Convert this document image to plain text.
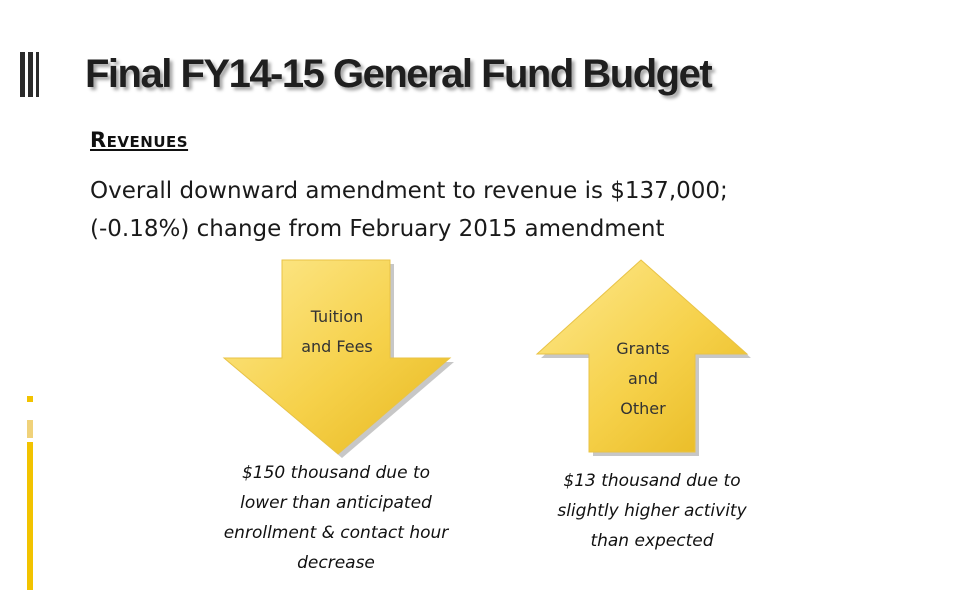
Final FY14-15 General Fund Budget
Revenues

Overall downward amendment to revenue is $137,000;
(-0.18%) change from February 2015 amendment

Tuition
and Fees	Grants
and
Other

$150 thousand due to
lower than anticipated
enrollment & contact hour
decrease

$13 thousand due to
slightly higher activity
than expected
